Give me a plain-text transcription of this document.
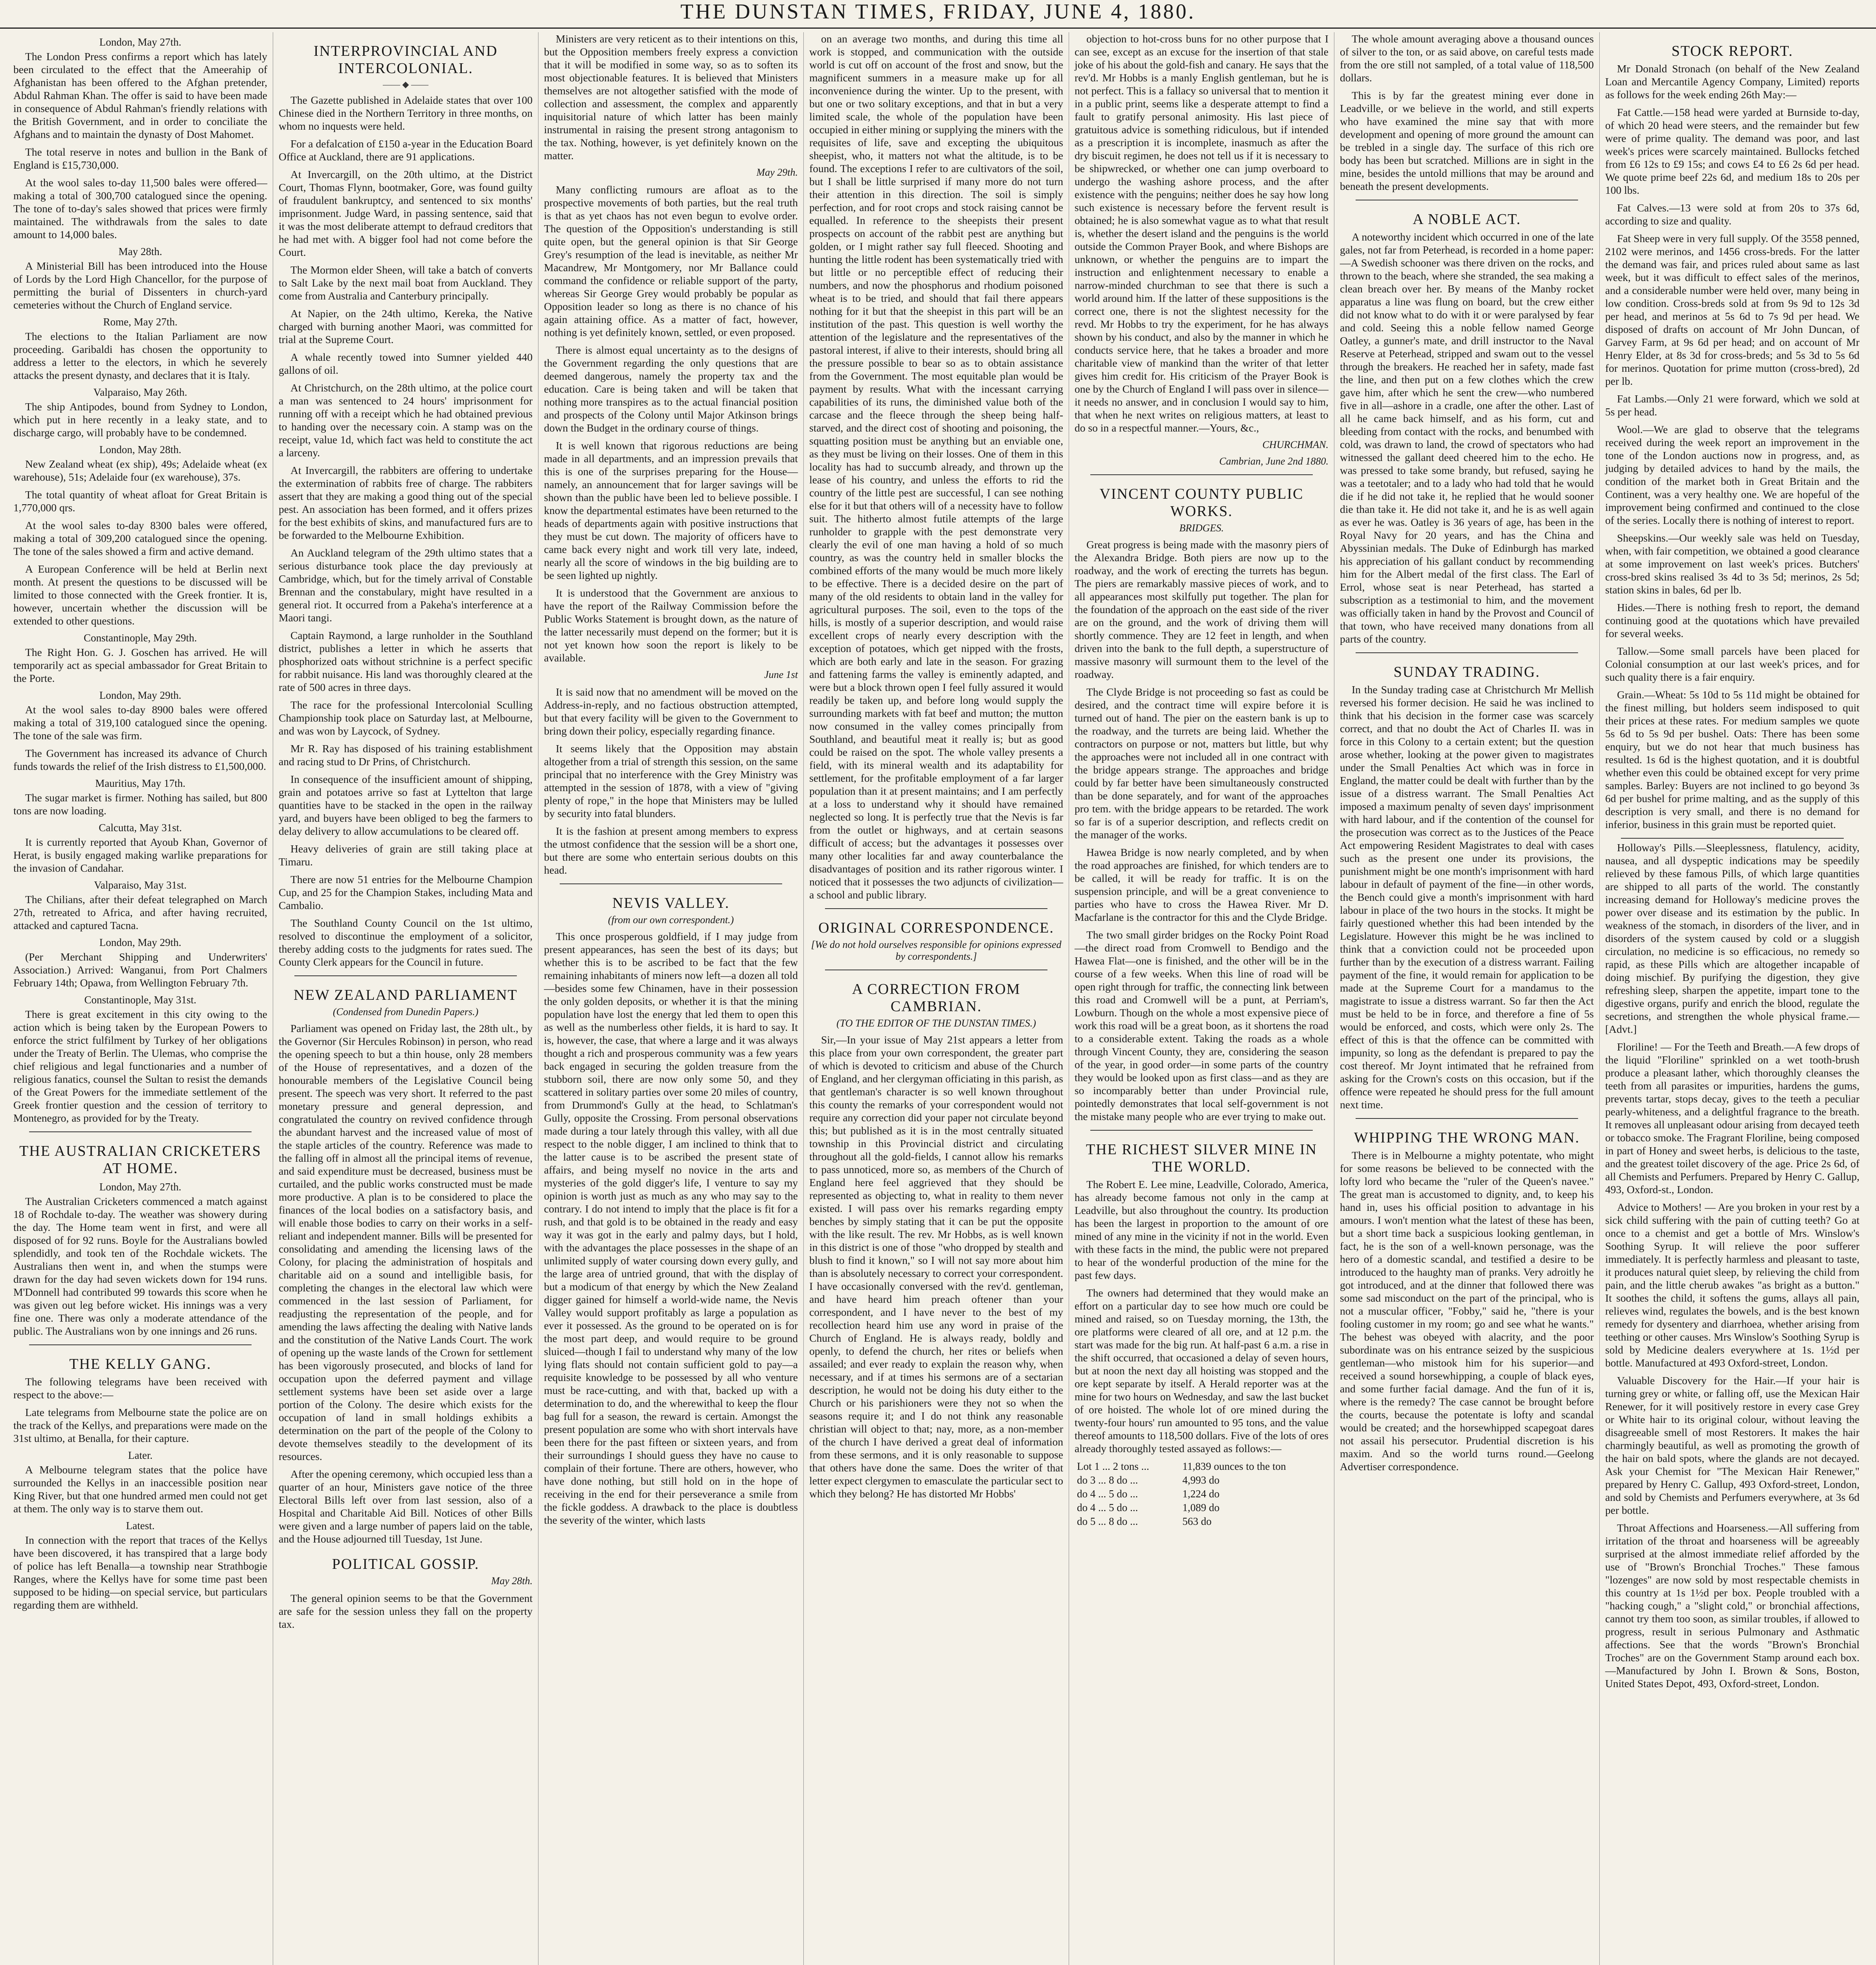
THE DUNSTAN TIMES, FRIDAY, JUNE 4, 1880.
London, May 27th.

The London Press confirms a report which has lately been circulated to the effect that the Ameerahip of Afghanistan has been offered to the Afghan pretender, Abdul Rahman Khan. The offer is said to have been made in consequence of Abdul Rahman's friendly relations with the British Government, and in order to conciliate the Afghans and to maintain the dynasty of Dost Mahomet.

The total reserve in notes and bullion in the Bank of England is £15,730,000.

At the wool sales to-day 11,500 bales were offered—making a total of 300,700 catalogued since the opening. The tone of to-day's sales showed that prices were firmly maintained. The withdrawals from the sales to date amount to 14,000 bales.

May 28th.

A Ministerial Bill has been introduced into the House of Lords by the Lord High Chancellor, for the purpose of permitting the burial of Dissenters in church-yard cemeteries without the Church of England service.

Rome, May 27th.

The elections to the Italian Parliament are now proceeding. Garibaldi has chosen the opportunity to address a letter to the electors, in which he severely attacks the present dynasty, and declares that it is Italy.

Valparaiso, May 26th.

The ship Antipodes, bound from Sydney to London, which put in here recently in a leaky state, and to discharge cargo, will probably have to be condemned.

London, May 28th.

New Zealand wheat (ex ship), 49s; Adelaide wheat (ex warehouse), 51s; Adelaide four (ex warehouse), 37s.

The total quantity of wheat afloat for Great Britain is 1,770,000 qrs.

At the wool sales to-day 8300 bales were offered, making a total of 309,200 catalogued since the opening. The tone of the sales showed a firm and active demand.

A European Conference will be held at Berlin next month. At present the questions to be discussed will be limited to those connected with the Greek frontier. It is, however, uncertain whether the discussion will be extended to other questions.

Constantinople, May 29th.

The Right Hon. G. J. Goschen has arrived. He will temporarily act as special ambassador for Great Britain to the Porte.

London, May 29th.

At the wool sales to-day 8900 bales were offered making a total of 319,100 catalogued since the opening. The tone of the sale was firm.

The Government has increased its advance of Church funds towards the relief of the Irish distress to £1,500,000.

Mauritius, May 17th.

The sugar market is firmer. Nothing has sailed, but 800 tons are now loading.

Calcutta, May 31st.

It is currently reported that Ayoub Khan, Governor of Herat, is busily engaged making warlike preparations for the invasion of Candahar.

Valparaiso, May 31st.

The Chilians, after their defeat telegraphed on March 27th, retreated to Africa, and after having recruited, attacked and captured Tacna.

London, May 29th.

(Per Merchant Shipping and Underwriters' Association.) Arrived: Wanganui, from Port Chalmers February 14th; Opawa, from Wellington February 7th.

Constantinople, May 31st.

There is great excitement in this city owing to the action which is being taken by the European Powers to enforce the strict fulfilment by Turkey of her obligations under the Treaty of Berlin. The Ulemas, who comprise the chief religious and legal functionaries and a number of religious fanatics, counsel the Sultan to resist the demands of the Great Powers for the immediate settlement of the Greek frontier question and the cession of territory to Montenegro, as provided for by the Treaty.

THE AUSTRALIAN CRICKETERS AT HOME.
London, May 27th.

The Australian Cricketers commenced a match against 18 of Rochdale to-day. The weather was showery during the day. The Home team went in first, and were all disposed of for 92 runs. Boyle for the Australians bowled splendidly, and took ten of the Rochdale wickets. The Australians then went in, and when the stumps were drawn for the day had seven wickets down for 194 runs. M'Donnell had contributed 99 towards this score when he was given out leg before wicket. His innings was a very fine one. There was only a moderate attendance of the public. The Australians won by one innings and 26 runs.

THE KELLY GANG.

The following telegrams have been received with respect to the above:—

Late telegrams from Melbourne state the police are on the track of the Kellys, and preparations were made on the 31st ultimo, at Benalla, for their capture.

Later.

A Melbourne telegram states that the police have surrounded the Kellys in an inaccessible position near King River, but that one hundred armed men could not get at them. The only way is to starve them out.

Latest.

In connection with the report that traces of the Kellys have been discovered, it has transpired that a large body of police has left Benalla—a township near Strathbogie Ranges, where the Kellys have for some time past been supposed to be hiding—on special service, but particulars regarding them are withheld.

INTERPROVINCIAL AND INTERCOLONIAL.
—— ◆ ——

The Gazette published in Adelaide states that over 100 Chinese died in the Northern Territory in three months, on whom no inquests were held.

For a defalcation of £150 a-year in the Education Board Office at Auckland, there are 91 applications.

At Invercargill, on the 20th ultimo, at the District Court, Thomas Flynn, bootmaker, Gore, was found guilty of fraudulent bankruptcy, and sentenced to six months' imprisonment. Judge Ward, in passing sentence, said that it was the most deliberate attempt to defraud creditors that he had met with. A bigger fool had not come before the Court.

The Mormon elder Sheen, will take a batch of converts to Salt Lake by the next mail boat from Auckland. They come from Australia and Canterbury principally.

At Napier, on the 24th ultimo, Kereka, the Native charged with burning another Maori, was committed for trial at the Supreme Court.

A whale recently towed into Sumner yielded 440 gallons of oil.

At Christchurch, on the 28th ultimo, at the police court a man was sentenced to 24 hours' imprisonment for running off with a receipt which he had obtained previous to handing over the necessary coin. A stamp was on the receipt, value 1d, which fact was held to constitute the act a larceny.

At Invercargill, the rabbiters are offering to undertake the extermination of rabbits free of charge. The rabbiters assert that they are making a good thing out of the special pest. An association has been formed, and it offers prizes for the best exhibits of skins, and manufactured furs are to be forwarded to the Melbourne Exhibition.

An Auckland telegram of the 29th ultimo states that a serious disturbance took place the day previously at Cambridge, which, but for the timely arrival of Constable Brennan and the constabulary, might have resulted in a general riot. It occurred from a Pakeha's interference at a Maori tangi.

Captain Raymond, a large runholder in the Southland district, publishes a letter in which he asserts that phosphorized oats without strichnine is a perfect specific for rabbit nuisance. His land was thoroughly cleared at the rate of 500 acres in three days.

The race for the professional Intercolonial Sculling Championship took place on Saturday last, at Melbourne, and was won by Laycock, of Sydney.

Mr R. Ray has disposed of his training establishment and racing stud to Dr Prins, of Christchurch.

In consequence of the insufficient amount of shipping, grain and potatoes arrive so fast at Lyttelton that large quantities have to be stacked in the open in the railway yard, and buyers have been obliged to beg the farmers to delay delivery to allow accumulations to be cleared off.

Heavy deliveries of grain are still taking place at Timaru.

There are now 51 entries for the Melbourne Champion Cup, and 25 for the Champion Stakes, including Mata and Cambalio.

The Southland County Council on the 1st ultimo, resolved to discontinue the employment of a solicitor, thereby adding costs to the judgments for rates sued. The County Clerk appears for the Council in future.

NEW ZEALAND PARLIAMENT
(Condensed from Dunedin Papers.)

Parliament was opened on Friday last, the 28th ult., by the Governor (Sir Hercules Robinson) in person, who read the opening speech to but a thin house, only 28 members of the House of representatives, and a dozen of the honourable members of the Legislative Council being present. The speech was very short. It referred to the past monetary pressure and general depression, and congratulated the country on revived confidence through the abundant harvest and the increased value of most of the staple articles of the country. Reference was made to the falling off in almost all the principal items of revenue, and said expenditure must be decreased, business must be curtailed, and the public works constructed must be made more productive. A plan is to be considered to place the finances of the local bodies on a satisfactory basis, and will enable those bodies to carry on their works in a self-reliant and independent manner. Bills will be presented for consolidating and amending the licensing laws of the Colony, for placing the administration of hospitals and charitable aid on a sound and intelligible basis, for completing the changes in the electoral law which were commenced in the last session of Parliament, for readjusting the representation of the people, and for amending the laws affecting the dealing with Native lands and the constitution of the Native Lands Court. The work of opening up the waste lands of the Crown for settlement has been vigorously prosecuted, and blocks of land for occupation upon the deferred payment and village settlement systems have been set aside over a large portion of the Colony. The desire which exists for the occupation of land in small holdings exhibits a determination on the part of the people of the Colony to devote themselves steadily to the development of its resources.

After the opening ceremony, which occupied less than a quarter of an hour, Ministers gave notice of the three Electoral Bills left over from last session, also of a Hospital and Charitable Aid Bill. Notices of other Bills were given and a large number of papers laid on the table, and the House adjourned till Tuesday, 1st June.

POLITICAL GOSSIP.
May 28th.

The general opinion seems to be that the Government are safe for the session unless they fall on the property tax.

Ministers are very reticent as to their intentions on this, but the Opposition members freely express a conviction that it will be modified in some way, so as to soften its most objectionable features. It is believed that Ministers themselves are not altogether satisfied with the mode of collection and assessment, the complex and apparently inquisitorial nature of which latter has been mainly instrumental in raising the present strong antagonism to the tax. Nothing, however, is yet definitely known on the matter.

May 29th.

Many conflicting rumours are afloat as to the prospective movements of both parties, but the real truth is that as yet chaos has not even begun to evolve order. The question of the Opposition's understanding is still quite open, but the general opinion is that Sir George Grey's resumption of the lead is inevitable, as neither Mr Macandrew, Mr Montgomery, nor Mr Ballance could command the confidence or reliable support of the party, whereas Sir George Grey would probably be popular as Opposition leader so long as there is no chance of his again attaining office. As a matter of fact, however, nothing is yet definitely known, settled, or even proposed.

There is almost equal uncertainty as to the designs of the Government regarding the only questions that are deemed dangerous, namely the property tax and the education. Care is being taken and will be taken that nothing more transpires as to the actual financial position and prospects of the Colony until Major Atkinson brings down the Budget in the ordinary course of things.

It is well known that rigorous reductions are being made in all departments, and an impression prevails that this is one of the surprises preparing for the House—namely, an announcement that for larger savings will be shown than the public have been led to believe possible. I know the departmental estimates have been returned to the heads of departments again with positive instructions that they must be cut down. The majority of officers have to came back every night and work till very late, indeed, nearly all the score of windows in the big building are to be seen lighted up nightly.

It is understood that the Government are anxious to have the report of the Railway Commission before the Public Works Statement is brought down, as the nature of the latter necessarily must depend on the former; but it is not yet known how soon the report is likely to be available.

June 1st

It is said now that no amendment will be moved on the Address-in-reply, and no factious obstruction attempted, but that every facility will be given to the Government to bring down their policy, especially regarding finance.

It seems likely that the Opposition may abstain altogether from a trial of strength this session, on the same principal that no interference with the Grey Ministry was attempted in the session of 1878, with a view of "giving plenty of rope," in the hope that Ministers may be lulled by security into fatal blunders.

It is the fashion at present among members to express the utmost confidence that the session will be a short one, but there are some who entertain serious doubts on this head.

NEVIS VALLEY.
(from our own correspondent.)

This once prosperous goldfield, if I may judge from present appearances, has seen the best of its days; but whether this is to be ascribed to be fact that the few remaining inhabitants of miners now left—a dozen all told—besides some few Chinamen, have in their possession the only golden deposits, or whether it is that the mining population have lost the energy that led them to open this as well as the numberless other fields, it is hard to say. It is, however, the case, that where a large and it was always thought a rich and prosperous community was a few years back engaged in securing the golden treasure from the stubborn soil, there are now only some 50, and they scattered in solitary parties over some 20 miles of country, from Drummond's Gully at the head, to Schlatman's Gully, opposite the Crossing. From personal observations made during a tour lately through this valley, with all due respect to the noble digger, I am inclined to think that to the latter cause is to be ascribed the present state of affairs, and being myself no novice in the arts and mysteries of the gold digger's life, I venture to say my opinion is worth just as much as any who may say to the contrary. I do not intend to imply that the place is fit for a rush, and that gold is to be obtained in the ready and easy way it was got in the early and palmy days, but I hold, with the advantages the place possesses in the shape of an unlimited supply of water coursing down every gully, and the large area of untried ground, that with the display of but a modicum of that energy by which the New Zealand digger gained for himself a world-wide name, the Nevis Valley would support profitably as large a population as ever it possessed. As the ground to be operated on is for the most part deep, and would require to be ground sluiced—though I fail to understand why many of the low lying flats should not contain sufficient gold to pay—a requisite knowledge to be possessed by all who venture must be race-cutting, and with that, backed up with a determination to do, and the wherewithal to keep the flour bag full for a season, the reward is certain. Amongst the present population are some who with short intervals have been there for the past fifteen or sixteen years, and from their surroundings I should guess they have no cause to complain of their fortune. There are others, however, who have done nothing, but still hold on in the hope of receiving in the end for their perseverance a smile from the fickle goddess. A drawback to the place is doubtless the severity of the winter, which lasts

on an average two months, and during this time all work is stopped, and communication with the outside world is cut off on account of the frost and snow, but the magnificent summers in a measure make up for all inconvenience during the winter. Up to the present, with but one or two solitary exceptions, and that in but a very limited scale, the whole of the population have been occupied in either mining or supplying the miners with the requisites of life, save and excepting the ubiquitous sheepist, who, it matters not what the altitude, is to be found. The exceptions I refer to are cultivators of the soil, but I shall be little surprised if many more do not turn their attention in this direction. The soil is simply perfection, and for root crops and stock raising cannot be equalled. In reference to the sheepists their present prospects on account of the rabbit pest are anything but golden, or I might rather say full fleeced. Shooting and hunting the little rodent has been systematically tried with but little or no perceptible effect of reducing their numbers, and now the phosphorus and rhodium poisoned wheat is to be tried, and should that fail there appears nothing for it but that the sheepist in this part will be an institution of the past. This question is well worthy the attention of the legislature and the representatives of the pastoral interest, if alive to their interests, should bring all the pressure possible to bear so as to obtain assistance from the Government. The most equitable plan would be payment by results. What with the incessant carrying capabilities of its runs, the diminished value both of the carcase and the fleece through the sheep being half-starved, and the direct cost of shooting and poisoning, the squatting position must be anything but an enviable one, as they must be living on their losses. One of them in this locality has had to succumb already, and thrown up the lease of his country, and unless the efforts to rid the country of the little pest are successful, I can see nothing else for it but that others will of a necessity have to follow suit. The hitherto almost futile attempts of the large runholder to grapple with the pest demonstrate very clearly the evil of one man having a hold of so much country, as was the country held in smaller blocks the combined efforts of the many would be much more likely to be effective. There is a decided desire on the part of many of the old residents to obtain land in the valley for agricultural purposes. The soil, even to the tops of the hills, is mostly of a superior description, and would raise excellent crops of nearly every description with the exception of potatoes, which get nipped with the frosts, which are both early and late in the season. For grazing and fattening farms the valley is eminently adapted, and were but a block thrown open I feel fully assured it would readily be taken up, and before long would supply the surrounding markets with fat beef and mutton; the mutton now consumed in the valley comes principally from Southland, and beautiful meat it really is; but as good could be raised on the spot. The whole valley presents a field, with its mineral wealth and its adaptability for settlement, for the profitable employment of a far larger population than it at present maintains; and I am perfectly at a loss to understand why it should have remained neglected so long. It is perfectly true that the Nevis is far from the outlet or highways, and at certain seasons difficult of access; but the advantages it possesses over many other localities far and away counterbalance the disadvantages of position and its rather rigorous winter. I noticed that it possesses the two adjuncts of civilization—a school and public library.

ORIGINAL CORRESPONDENCE.
[We do not hold ourselves responsible for opinions expressed by correspondents.]
A CORRECTION FROM CAMBRIAN.
(TO THE EDITOR OF THE DUNSTAN TIMES.)

Sir,—In your issue of May 21st appears a letter from this place from your own correspondent, the greater part of which is devoted to criticism and abuse of the Church of England, and her clergyman officiating in this parish, as that gentleman's character is so well known throughout this county the remarks of your correspondent would not require any correction did your paper not circulate beyond this; but published as it is in the most centrally situated township in this Provincial district and circulating throughout all the gold-fields, I cannot allow his remarks to pass unnoticed, more so, as members of the Church of England here feel aggrieved that they should be represented as objecting to, what in reality to them never existed. I will pass over his remarks regarding empty benches by simply stating that it can be put the opposite with the like result. The rev. Mr Hobbs, as is well known in this district is one of those "who dropped by stealth and blush to find it known," so I will not say more about him than is absolutely necessary to correct your correspondent. I have occasionally conversed with the rev'd. gentleman, and have heard him preach oftener than your correspondent, and I have never to the best of my recollection heard him use any word in praise of the Church of England. He is always ready, boldly and openly, to defend the church, her rites or beliefs when assailed; and ever ready to explain the reason why, when necessary, and if at times his sermons are of a sectarian description, he would not be doing his duty either to the Church or his parishioners were they not so when the seasons require it; and I do not think any reasonable christian will object to that; nay, more, as a non-member of the church I have derived a great deal of information from these sermons, and it is only reasonable to suppose that others have done the same. Does the writer of that letter expect clergymen to emasculate the particular sect to which they belong? He has distorted Mr Hobbs'

objection to hot-cross buns for no other purpose that I can see, except as an excuse for the insertion of that stale joke of his about the gold-fish and canary. He says that the rev'd. Mr Hobbs is a manly English gentleman, but he is not perfect. This is a fallacy so universal that to mention it in a public print, seems like a desperate attempt to find a fault to gratify personal animosity. His last piece of gratuitous advice is something ridiculous, but if intended as a prescription it is incomplete, inasmuch as after the dry biscuit regimen, he does not tell us if it is necessary to be shipwrecked, or whether one can jump overboard to undergo the washing ashore process, and the after existence with the penguins; neither does he say how long such existence is necessary before the fervent result is obtained; he is also somewhat vague as to what that result is, whether the desert island and the penguins is the world outside the Common Prayer Book, and where Bishops are unknown, or whether the penguins are to impart the instruction and enlightenment necessary to enable a narrow-minded churchman to see that there is such a world around him. If the latter of these suppositions is the correct one, there is not the slightest necessity for the revd. Mr Hobbs to try the experiment, for he has always shown by his conduct, and also by the manner in which he conducts service here, that he takes a broader and more charitable view of mankind than the writer of that letter gives him credit for. His criticism of the Prayer Book is one by the Church of England I will pass over in silence—it needs no answer, and in conclusion I would say to him, that when he next writes on religious matters, at least to do so in a respectful manner.—Yours, &c.,

CHURCHMAN.
Cambrian, June 2nd 1880.
VINCENT COUNTY PUBLIC WORKS.
BRIDGES.

Great progress is being made with the masonry piers of the Alexandra Bridge. Both piers are now up to the roadway, and the work of erecting the turrets has begun. The piers are remarkably massive pieces of work, and to all appearances most skilfully put together. The plan for the foundation of the approach on the east side of the river are on the ground, and the work of driving them will shortly commence. They are 12 feet in length, and when driven into the bank to the full depth, a superstructure of massive masonry will surmount them to the level of the roadway.

The Clyde Bridge is not proceeding so fast as could be desired, and the contract time will expire before it is turned out of hand. The pier on the eastern bank is up to the roadway, and the turrets are being laid. Whether the contractors on purpose or not, matters but little, but why the approaches were not included all in one contract with the bridge appears strange. The approaches and bridge could by far better have been simultaneously constructed than be done separately, and for want of the approaches pro tem. with the bridge appears to be retarded. The work so far is of a superior description, and reflects credit on the manager of the works.

Hawea Bridge is now nearly completed, and by when the road approaches are finished, for which tenders are to be called, it will be ready for traffic. It is on the suspension principle, and will be a great convenience to parties who have to cross the Hawea River. Mr D. Macfarlane is the contractor for this and the Clyde Bridge.

The two small girder bridges on the Rocky Point Road—the direct road from Cromwell to Bendigo and the Hawea Flat—one is finished, and the other will be in the course of a few weeks. When this line of road will be open right through for traffic, the connecting link between this road and Cromwell will be a punt, at Perriam's, Lowburn. Though on the whole a most expensive piece of work this road will be a great boon, as it shortens the road to a considerable extent. Taking the roads as a whole through Vincent County, they are, considering the season of the year, in good order—in some parts of the country they would be looked upon as first class—and as they are so incomparably better than under Provincial rule, pointedly demonstrates that local self-government is not the mistake many people who are ever trying to make out.

THE RICHEST SILVER MINE IN THE WORLD.

The Robert E. Lee mine, Leadville, Colorado, America, has already become famous not only in the camp at Leadville, but also throughout the country. Its production has been the largest in proportion to the amount of ore mined of any mine in the vicinity if not in the world. Even with these facts in the mind, the public were not prepared to hear of the wonderful production of the mine for the past few days.

The owners had determined that they would make an effort on a particular day to see how much ore could be mined and raised, so on Tuesday morning, the 13th, the ore platforms were cleared of all ore, and at 12 p.m. the start was made for the big run. At half-past 6 a.m. a rise in the shift occurred, that occasioned a delay of seven hours, but at noon the next day all hoisting was stopped and the ore kept separate by itself. A Herald reporter was at the mine for two hours on Wednesday, and saw the last bucket of ore hoisted. The whole lot of ore mined during the twenty-four hours' run amounted to 95 tons, and the value thereof amounts to 118,500 dollars. Five of the lots of ores already thoroughly tested assayed as follows:—

Lot 1 ... 2 tons ...	11,839 ounces to the ton
do 3 ... 8 do ...	4,993 do
do 4 ... 5 do ...	1,224 do
do 4 ... 5 do ...	1,089 do
do 5 ... 8 do ...	563 do

The whole amount averaging above a thousand ounces of silver to the ton, or as said above, on careful tests made from the ore still not sampled, of a total value of 118,500 dollars.

This is by far the greatest mining ever done in Leadville, or we believe in the world, and still experts who have examined the mine say that with more development and opening of more ground the amount can be trebled in a single day. The surface of this rich ore body has been but scratched. Millions are in sight in the mine, besides the untold millions that may be around and beneath the present developments.

A NOBLE ACT.

A noteworthy incident which occurred in one of the late gales, not far from Peterhead, is recorded in a home paper:—A Swedish schooner was there driven on the rocks, and thrown to the beach, where she stranded, the sea making a clean breach over her. By means of the Manby rocket apparatus a line was flung on board, but the crew either did not know what to do with it or were paralysed by fear and cold. Seeing this a noble fellow named George Oatley, a gunner's mate, and drill instructor to the Naval Reserve at Peterhead, stripped and swam out to the vessel through the breakers. He reached her in safety, made fast the line, and then put on a few clothes which the crew gave him, after which he sent the crew—who numbered five in all—ashore in a cradle, one after the other. Last of all he came back himself, and as his form, cut and bleeding from contact with the rocks, and benumbed with cold, was drawn to land, the crowd of spectators who had witnessed the gallant deed cheered him to the echo. He was pressed to take some brandy, but refused, saying he was a teetotaler; and to a lady who had told that he would die if he did not take it, he replied that he would sooner die than take it. He did not take it, and he is as well again as ever he was. Oatley is 36 years of age, has been in the Royal Navy for 20 years, and has the China and Abyssinian medals. The Duke of Edinburgh has marked his appreciation of his gallant conduct by recommending him for the Albert medal of the first class. The Earl of Errol, whose seat is near Peterhead, has started a subscription as a testimonial to him, and the movement was officially taken in hand by the Provost and Council of that town, who have received many donations from all parts of the country.

SUNDAY TRADING.

In the Sunday trading case at Christchurch Mr Mellish reversed his former decision. He said he was inclined to think that his decision in the former case was scarcely correct, and that no doubt the Act of Charles II. was in force in this Colony to a certain extent; but the question arose whether, looking at the power given to magistrates under the Small Penalties Act which was in force in England, the matter could be dealt with further than by the issue of a distress warrant. The Small Penalties Act imposed a maximum penalty of seven days' imprisonment with hard labour, and if the contention of the counsel for the prosecution was correct as to the Justices of the Peace Act empowering Resident Magistrates to deal with cases such as the present one under its provisions, the punishment might be one month's imprisonment with hard labour in default of payment of the fine—in other words, the Bench could give a month's imprisonment with hard labour in place of the two hours in the stocks. It might be fairly questioned whether this had been intended by the Legislature. However this might be he was inclined to think that a conviction could not be proceeded upon further than by the execution of a distress warrant. Failing payment of the fine, it would remain for application to be made at the Supreme Court for a mandamus to the magistrate to issue a distress warrant. So far then the Act must be held to be in force, and therefore a fine of 5s would be enforced, and costs, which were only 2s. The effect of this is that the offence can be committed with impunity, so long as the defendant is prepared to pay the cost thereof. Mr Joynt intimated that he refrained from asking for the Crown's costs on this occasion, but if the offence were repeated he should press for the full amount next time.

WHIPPING THE WRONG MAN.

There is in Melbourne a mighty potentate, who might for some reasons be believed to be connected with the lofty lord who became the "ruler of the Queen's navee." The great man is accustomed to dignity, and, to keep his hand in, uses his official position to advantage in his amours. I won't mention what the latest of these has been, but a short time back a suspicious looking gentleman, in fact, he is the son of a well-known personage, was the hero of a domestic scandal, and testified a desire to be introduced to the haughty man of pranks. Very adroitly he got introduced, and at the dinner that followed there was some sad misconduct on the part of the principal, who is not a muscular officer, "Fobby," said he, "there is your fooling customer in my room; go and see what he wants." The behest was obeyed with alacrity, and the poor subordinate was on his entrance seized by the suspicious gentleman—who mistook him for his superior—and received a sound horsewhipping, a couple of black eyes, and some further facial damage. And the fun of it is, where is the remedy? The case cannot be brought before the courts, because the potentate is lofty and scandal would be created; and the horsewhipped scapegoat dares not assail his persecutor. Prudential discretion is his maxim. And so the world turns round.—Geelong Advertiser correspondence.

STOCK REPORT.

Mr Donald Stronach (on behalf of the New Zealand Loan and Mercantile Agency Company, Limited) reports as follows for the week ending 26th May:—

Fat Cattle.—158 head were yarded at Burnside to-day, of which 20 head were steers, and the remainder but few were of prime quality. The demand was poor, and last week's prices were scarcely maintained. Bullocks fetched from £6 12s to £9 15s; and cows £4 to £6 2s 6d per head. We quote prime beef 22s 6d, and medium 18s to 20s per 100 lbs.

Fat Calves.—13 were sold at from 20s to 37s 6d, according to size and quality.

Fat Sheep were in very full supply. Of the 3558 penned, 2102 were merinos, and 1456 cross-breds. For the latter the demand was fair, and prices ruled about same as last week, but it was difficult to effect sales of the merinos, and a considerable number were held over, many being in low condition. Cross-breds sold at from 9s 9d to 12s 3d per head, and merinos at 5s 6d to 7s 9d per head. We disposed of drafts on account of Mr John Duncan, of Garvey Farm, at 9s 6d per head; and on account of Mr Henry Elder, at 8s 3d for cross-breds; and 5s 3d to 5s 6d for merinos. Quotation for prime mutton (cross-bred), 2d per lb.

Fat Lambs.—Only 21 were forward, which we sold at 5s per head.

Wool.—We are glad to observe that the telegrams received during the week report an improvement in the tone of the London auctions now in progress, and, as judging by detailed advices to hand by the mails, the condition of the market both in Great Britain and the Continent, was a very healthy one. We are hopeful of the improvement being confirmed and continued to the close of the series. Locally there is nothing of interest to report.

Sheepskins.—Our weekly sale was held on Tuesday, when, with fair competition, we obtained a good clearance at some improvement on last week's prices. Butchers' cross-bred skins realised 3s 4d to 3s 5d; merinos, 2s 5d; station skins in bales, 6d per lb.

Hides.—There is nothing fresh to report, the demand continuing good at the quotations which have prevailed for several weeks.

Tallow.—Some small parcels have been placed for Colonial consumption at our last week's prices, and for such quality there is a fair enquiry.

Grain.—Wheat: 5s 10d to 5s 11d might be obtained for the finest milling, but holders seem indisposed to quit their prices at these rates. For medium samples we quote 5s 6d to 5s 9d per bushel. Oats: There has been some enquiry, but we do not hear that much business has resulted. 1s 6d is the highest quotation, and it is doubtful whether even this could be obtained except for very prime samples. Barley: Buyers are not inclined to go beyond 3s 6d per bushel for prime malting, and as the supply of this description is very small, and there is no demand for inferior, business in this grain must be reported quiet.

Holloway's Pills.—Sleeplessness, flatulency, acidity, nausea, and all dyspeptic indications may be speedily relieved by these famous Pills, of which large quantities are shipped to all parts of the world. The constantly increasing demand for Holloway's medicine proves the power over disease and its estimation by the public. In weakness of the stomach, in disorders of the liver, and in disorders of the system caused by cold or a sluggish circulation, no medicine is so efficacious, no remedy so rapid, as these Pills which are altogether incapable of doing mischief. By purifying the digestion, they give refreshing sleep, sharpen the appetite, impart tone to the digestive organs, purify and enrich the blood, regulate the secretions, and strengthen the whole physical frame.—[Advt.]

Floriline! — For the Teeth and Breath.—A few drops of the liquid "Floriline" sprinkled on a wet tooth-brush produce a pleasant lather, which thoroughly cleanses the teeth from all parasites or impurities, hardens the gums, prevents tartar, stops decay, gives to the teeth a peculiar pearly-whiteness, and a delightful fragrance to the breath. It removes all unpleasant odour arising from decayed teeth or tobacco smoke. The Fragrant Floriline, being composed in part of Honey and sweet herbs, is delicious to the taste, and the greatest toilet discovery of the age. Price 2s 6d, of all Chemists and Perfumers. Prepared by Henry C. Gallup, 493, Oxford-st., London.

Advice to Mothers! — Are you broken in your rest by a sick child suffering with the pain of cutting teeth? Go at once to a chemist and get a bottle of Mrs. Winslow's Soothing Syrup. It will relieve the poor sufferer immediately. It is perfectly harmless and pleasant to taste, it produces natural quiet sleep, by relieving the child from pain, and the little cherub awakes "as bright as a button." It soothes the child, it softens the gums, allays all pain, relieves wind, regulates the bowels, and is the best known remedy for dysentery and diarrhoea, whether arising from teething or other causes. Mrs Winslow's Soothing Syrup is sold by Medicine dealers everywhere at 1s. 1½d per bottle. Manufactured at 493 Oxford-street, London.

Valuable Discovery for the Hair.—If your hair is turning grey or white, or falling off, use the Mexican Hair Renewer, for it will positively restore in every case Grey or White hair to its original colour, without leaving the disagreeable smell of most Restorers. It makes the hair charmingly beautiful, as well as promoting the growth of the hair on bald spots, where the glands are not decayed. Ask your Chemist for "The Mexican Hair Renewer," prepared by Henry C. Gallup, 493 Oxford-street, London, and sold by Chemists and Perfumers everywhere, at 3s 6d per bottle.

Throat Affections and Hoarseness.—All suffering from irritation of the throat and hoarseness will be agreeably surprised at the almost immediate relief afforded by the use of "Brown's Bronchial Troches." These famous "lozenges" are now sold by most respectable chemists in this country at 1s 1½d per box. People troubled with a "hacking cough," a "slight cold," or bronchial affections, cannot try them too soon, as similar troubles, if allowed to progress, result in serious Pulmonary and Asthmatic affections. See that the words "Brown's Bronchial Troches" are on the Government Stamp around each box.—Manufactured by John I. Brown & Sons, Boston, United States Depot, 493, Oxford-street, London.
